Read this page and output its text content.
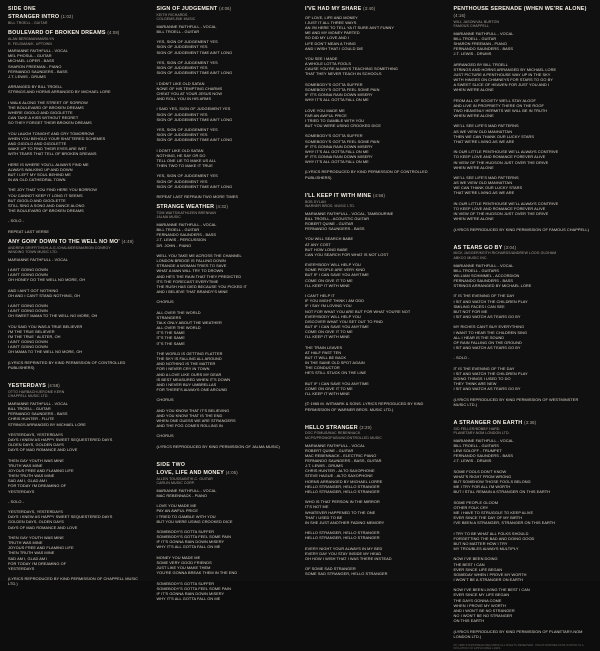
SIDE ONE
STRANGER INTRO (1:02)
BILL TROELL - GUITAR
BOULEVARD OF BROKEN DREAMS (4:08)
ALAN BERGMAN/MARILYN
R. FELDMAN/K. UPTOWN
MARIANNE FAITHFULL - VOCAL
MEL PHOSUL - GUITAR
MICHAEL LOPER - BASS
SHARON FREEMAN - PIANO
FERNANDO SAUNDERS - BASS
J.T. LEWIS - DRUMS

ARRANGED BY BILL TROELL
STRINGS AND HORNS ARRANGED BY MICHAEL LORE

I WALK ALONG THE STREET OF SORROW
THE BOULEVARD OF BROKEN DREAMS
WHERE GIGOLO AND GIGOLETTE
CAN TAKE A KISS WITHOUT REGRET
SO THEY FORGET THEIR BROKEN DREAMS

YOU LAUGH TONIGHT AND CRY TOMORROW
WHEN YOU BEHOLD YOUR SHATTERED SCHEMES
AND GIGOLO AND GIGOLETTE
WAKE UP TO FIND THEIR EYES ARE WET
WITH TEARS THAT TELL OF BROKEN DREAMS

HERE IS WHERE YOU'LL ALWAYS FIND ME
ALWAYS WALKING UP AND DOWN
BUT I LEFT MY SOUL BEHIND ME
IN AN OLD CATHEDRAL TOWN

THE JOY THAT YOU FIND HERE YOU BORROW
YOU CANNOT KEEP IT LONG IT SEEMS
BUT GIGOLO AND GIGOLETTE
STILL SING A SONG AND DANCE ALONG
THE BOULEVARD OF BROKEN DREAMS

- SOLO -

REPEAT LAST VERSE
ANY GOIN' DOWN TO THE WELL NO MO' (4:49)
ANDREW GRIFFITHS/H.A.G./CHALMERS/MARION CONROY
WINDING TOWN MUSIC LTD.
MARIANNE FAITHFULL - VOCAL

I AIN'T GOING DOWN
I AIN'T GOING DOWN
OH HONEY DO THE WELL NO MORE, OH

AND I AIN'T GOT NOTHING
OH AND I CAN'T STAND NOTHING, OH

I AIN'T GOING DOWN
I AIN'T GOING DOWN
OH SWEET MAMA TO THE WELL NO MORE, OH

YOU SAID YOU WAS A TRUE BELIEVER
I'M THE TRUE BELIEVER
I'M THE TRUE ' ALSTER, OH
I AIN'T GOING DOWN
I AIN'T GOING DOWN
OH MAMA TO THE WELL NO MORE, OH

(LYRICS REPRINTED BY KIND PERMISSION OF CONTROLLED PUBLISHERS)
YESTERDAYS (4:58)
OTTO HARBACH/JEROME KERN
CHAPPELL MUSIC LTD.
MARIANNE FAITHFULL - VOCAL
BILL TROELL - GUITAR
FERNANDO SAUNDERS - BASS
CHRIS HUNTER - FLUTE
STRINGS ARRANGED BY MICHAEL LORE

YESTERDAYS, YESTERDAYS
DAYS I KNEW AS HAPPY SWEET SEQUESTERED DAYS
OLDEN DAYS, GOLDEN DAYS
DAYS OF MAD ROMANCE AND LOVE

THEN GAY YOUTH WAS MINE
TRUTH WAS MINE
JOYOUS FREE AND FLAMING LIFE
THEN TRUTH WAS MINE
SAD AM I, GLAD AM I
FOR TODAY I'M DREAMING OF
YESTERDAYS

- SOLO -

YESTERDAYS, YESTERDAYS
DAYS I KNEW AS HAPPY SWEET SEQUESTERED DAYS
GOLDEN DAYS, OLDEN DAYS
DAYS OF MAD ROMANCE AND LOVE

THEN GAY YOUTH WAS MINE
TRUTH WAS MINE
JOYOUS FREE AND FLAMING LIFE
THEN TRUTH WAS MINE
SAD AM I, GLAD AM I
FOR TODAY I'M DREAMING OF
YESTERDAYS

(LYRICS REPRODUCED BY KIND PERMISSION OF CHAPPELL MUSIC LTD.)
SIGN OF JUDGEMENT (4:06)
KEITH RICHARDS
COLGEMS-EMI MUSIC
MARIANNE FAITHFULL - VOCAL
BILL TROELL - GUITAR

YES, SIGN OF JUDGEMENT YES
SIGN OF JUDGEMENT YES
SIGN OF JUDGEMENT TIME AIN'T LONG

YES, SIGN OF JUDGEMENT YES
SIGN OF JUDGEMENT YES
SIGN OF JUDGEMENT TIME AIN'T LONG

I DIDN'T LIKE OLD SATAN
NONE OF HIS TEMPTING CHARMS
CHEAT YOU AT YOUR JESUS NOW
AND ROLL YOU IN HIS ARMS

I SAID YES, SIGN OF JUDGEMENT YES
SIGN OF JUDGEMENT YES
SIGN OF JUDGEMENT TIME AIN'T LONG

YES, SIGN OF JUDGEMENT YES
SIGN OF JUDGEMENT YES
SIGN OF JUDGEMENT TIME AIN'T LONG

I DON'T LIKE OLD SATAN
NOTHING, HE SAY OR DO
TELL ONE LIE TO MAKE US ALL
THEN TWO TO MAKE IT TRUE

YES, SIGN OF JUDGEMENT YES
SIGN OF JUDGEMENT YES
SIGN OF JUDGEMENT TIME AIN'T LONG

REPEAT LAST REFRAIN TWO MORE TIMES
STRANGE WEATHER (4:32)
TOM WAITS/KATHLEEN BRENNAN
JALMA MUSIC
MARIANNE FAITHFULL - VOCAL
BILL TROELL - GUITAR
FERNANDO SAUNDERS - BASS
J.T. LEWIS - PERCUSSION
DR. JOHN - PIANO

WELL YOU TAKE ME ACROSS THE CHANNEL
LONDON BRIDGE IS FALLING DOWN
STRANGE A WOMAN TRIES TO SAVE
WHAT A MAN WILL TRY TO DROWN
AND HE'S THE RAIN THAT THEY PREDICTED
ITS THE FORECAST EVERYTIME
THE RUSH HAS DIED BECAUSE YOU PICKED IT
AND I BELIEVE THAT BRANDY'S MINE

CHORUS

ALL OVER THE WORLD
STRANGERS
TALK ONLY ABOUT THE WEATHER
ALL OVER THE WORLD
IT'S THE SAME
IT'S THE SAME
IT'S THE SAME

THE WORLD IS GETTING FLATTER
THE SKY IS FALLING ALL AROUND
AND NOTHING IS THE MATTER
FOR I NEVER CRY IN TOWN
AND A LOVE LIKE OURS MY DEAR
IS BEST MEASURED WHEN IT'S DOWN
AND I NEVER BUY UMBRELLAS
FOR THERE'S ALWAYS ONE AROUND

CHORUS

AND YOU KNOW THAT IT'S BELIEVING
AND YOU KNOW THAT IS THE END
WHEN ONE GUESS WE ARE STRANGERS
AND THE FOG COMES ROLLING IN

CHORUS

(LYRICS REPRODUCED BY KIND PERMISSION OF JALMA MUSIC)
SIDE TWO
LOVE, LIFE AND MONEY (4:05)
ALLEN TOUSSAINT/K.C. GUITAR
CARLIN MUSIC CORP.
MARIANNE FAITHFULL - VOCAL
MAC REBENNACK - PIANO

LOVE YOU MADE ME
PAY AN AWFUL PRICE
I TRIED TO GAMBLE WITH YOU
BUT YOU WERE USING CROOKED DICE

SOMEBODY'S GOTTA SUFFER
SOMEBODY'S GOTTA FEEL SOME PAIN
IF IT'S GONNA RAIN DOWN MISERY
WHY IT'S ALL GOTTA FALL ON ME

MONEY YOU MADE ME
SOME VERY GOOD FRIENDS
JUST LIKE YOU MAKE THEM
YOU'RE GONNA BREAK THEM IN THE END

SOMEBODY'S GOTTA SUFFER
SOMEBODY'S GOTTA FEEL SOME PAIN
IF IT'S GONNA RAIN DOWN MISERY
WHY IT'S ALL GOTTA FALL ON ME
I'VE HAD MY SHARE (3:40)
OF LOVE, LIFE AND MONEY
I JUST IT ALL THREE WAYS
AN I'M HERE TO TELL YA IT SURE AIN'T FUNNY
ME AND MY MONEY PARTED
SO DID MY LOVE AND I
LIFE DON'T MEAN A THING
AND I WISH THAT I COULD DIE

YOU SEE I MADE
A WHOLE LOTTA FOOLS
CAUSE YOU'RE ALWAYS TEACHING SOMETHING
THAT THEY NEVER TEACH IN SCHOOLS

SOMEBODY'S GOTTA SUFFER
SOMEBODY'S GOTTA FEEL SOME PAIN
IF IT'S GONNA RAIN DOWN MISERY
WHY IT'S ALL GOTTA FALL ON ME

LOVE YOU MADE ME
FAR AN AWFUL PRICE
I TRIED TO GAMBLE WITH YOU
BUT YOU WERE USING CROOKED DICE

SOMEBODY'S GOTTA SUFFER
SOMEBODY'S GOTTA FEEL SOME PAIN
IF IT'S GONNA RAIN DOWN MISERY
WHY IT'S ALL GOTTA FALL ON ME
IF IT'S GONNA RAIN DOWN MISERY
WHY IT'S ALL GOTTA FALL ON ME

(LYRICS REPRODUCED BY KIND PERMISSION OF CONTROLLED PUBLISHERS)
I'LL KEEP IT WITH MINE (4:56)
BOB DYLAN
WARNER BROS. MUSIC LTD.
MARIANNE FAITHFULL - VOCAL, TAMBOURINE
BILL TROELL - ACOUSTIC GUITAR
ROBERT QUINE - GUITAR
FERNANDO SAUNDERS - BASS

YOU WILL SEARCH BABE
AT ANY COST
BUT HOW LONG BABE
CAN YOU SEARCH FOR WHAT IS NOT LOST

EVERYBODY WILL HELP YOU
SOME PEOPLE ARE VERY KIND
BUT IF I CAN SAVE YOU ANYTIME
COME ON GIVE IT TO ME
I'LL KEEP IT WITH MINE

I CAN'T HELP IT
IF YOU MIGHT THINK I AM ODD
IF I SAY I'M LOVING YOU
NOT FOR WHAT YOU ARE BUT FOR WHAT YOU'RE NOT
EVERYBODY WILL HELP YOU
DISCOVER WHAT YOU SET OUT TO FIND
BUT IF I CAN SAVE YOU ANYTIME
COME ON GIVE IT TO ME
I'LL KEEP IT WITH MINE

THE TRAIN LEAVES
AT HALF PAST TEN
BUT IT WILL BE BACK
IN THE SAME OLD SPOT AGAIN
THE CONDUCTOR
HE'S STILL STUCK ON THE LINE

BUT IF I CAN SAVE YOU ANYTIME
COME ON GIVE IT TO ME
I'LL KEEP IT WITH MINE

(© 1965 M. WITMARK & SONS. LYRICS REPRODUCED BY KIND PERMISSION OF WARNER BROS. MUSIC LTD.)
HELLO STRANGER (3:29)
DOC POMUS/MAC REBENNACK
MCPS/PROMOPUB/UNCONTROLLED MUSIC
MARIANNE FAITHFULL - VOCAL
ROBERT QUINE - GUITAR
MAC REBENNACK - ELECTRIC PIANO
FERNANDO SAUNDERS - BASS, GUITAR
J.T. LEWIS - DRUMS
CHRIS HUNTER - ALTO SAXOPHONE
STEVE HAGUE - ALTO SAXOPHONE
HORNS ARRANGED BY MICHAEL LORRE
HELLO STRANGER, HELLO STRANGER
HELLO STRANGER, HELLO STRANGER

WHO IS THAT PERSON IN THE MIRROR
IT'S NOT ME
WHATEVER HAPPENED TO THE ONE
THAT I USED TO BE
IN SHE JUST ANOTHER FADING MEMORY

HELLO STRANGER, HELLO STRANGER
HELLO STRANGER, HELLO STRANGER

EVERY NIGHT YOUR ALWAYS IN MY BED
EVERY DAY YOU STAY INSIDE MY HEAD
OH HOW I WISH THAT I WAS THERE INSTEAD

OF SOME SAD STRANGER
SOME SAD STRANGER, HELLO STRANGER
PENTHOUSE SERENADE (WHEN WE'RE ALONE) (4:16)
WILL JASON/VAL BURTON
FAMOUS CHAPPELL
MARIANNE FAITHFULL - VOCAL
BILL TROELL - GUITAR
SHARON FREEMAN - PIANO
FERNANDO SAUNDERS - BASS
J.T. LEWIS - DRUMS

ARRANGED BY BILL TROELL
STRINGS AND HORNS ARRANGED BY MICHAEL LORE
JUST PICTURE A PENTHOUSE WAY UP IN THE SKY
WITH HINGES ON CHIMNEYS FOR STARS TO GO BY
A SWEET SLICE OF HEAVEN FOR JUST YOU AND I
WHEN WE'RE ALONE

FROM ALL OF SOCIETY WE'LL STAY ALOOF
AND LIVE IN PROPRIETY THERE ON THE ROOF
TWO HEAVENLY HERMITS WE WILL BE IN TRUTH
WHEN WE'RE ALONE

WE'LL SEE LIFE'S MAD PATTERNS
AS WE VIEW OLD MANHATTAN
THEN WE CAN THANK OUR LUCKY STARS
THAT WE'RE LIVING AS WE ARE

IN OUR LITTLE PENTHOUSE WE'LL ALWAYS CONTRIVE
TO KEEP LOVE AND ROMANCE FOREVER ALIVE
IN VIEW OF THE HUDSON JUST OVER THE DRIVE
WHEN WE'RE ALONE

WE'LL SEE LIFE'S MAD PATTERNS
AS WE VIEW OLD MANHATTAN
WE CAN THANK OUR LUCKY STARS
THAT WE'RE LIVING AS WE ARE

IN OUR LITTLE PENTHOUSE WE'LL ALWAYS CONTRIVE
TO KEEP LOVE AND ROMANCE FOREVER ALIVE
IN VIEW OF THE HUDSON JUST OVER THE DRIVE
WHEN WE'RE ALONE

(LYRICS REPRODUCED BY KIND PERMISSION OF FAMOUS CHAPPELL)
AS TEARS GO BY (3:04)
MICK JAGGER/KEITH RICHARDS/ANDREW LOOG OLDHAM
ABKCO MUSIC INC.
MARIANNE FAITHFULL - VOCAL
BILL TROELL - GUITARS
WILLIAM SCHIMMEL - ACCORDION
FERNANDO SAUNDERS - BASS
STRINGS ARRANGED BY MICHAEL LORE

IT IS THE EVENING OF THE DAY
I SIT AND WATCH THE CHILDREN PLAY
SMILING FACES I CAN SEE
BUT NOT FOR ME
I SIT AND WATCH AS TEARS GO BY

MY RICHES CAN'T BUY EVERYTHING
I WANT TO HEAR THE CHILDREN SING
ALL I HEAR IS THE SOUND
OF RAIN FALLING ON THE GROUND
I SIT AND WATCH AS TEARS GO BY

- SOLO -

IT IS THE EVENING OF THE DAY
I SIT AND WATCH THE CHILDREN PLAY
DOING THINGS I USED TO DO
THEY THINK ARE NEW
I SIT AND WATCH AS TEARS GO BY

(LYRICS REPRODUCED BY KIND PERMISSION OF WESTMINSTER MUSIC LTD.)
A STRANGER ON EARTH (3:38)
SID FELLER/BOBBY HARD
PLANETARY-NOM LONDON LTD.
MARIANNE FAITHFULL - VOCAL
BILL TROELL - GUITARS
LEW SOLOFF - TRUMPET
FERNANDO SAUNDERS - BASS
J.T. LEWIS - DRUMS

SOME FOOLS DON'T KNOW
WHAT'S RIGHT FROM WRONG
BUT SOMEHOW THOSE FOOLS BELONG
ME I TRY FOR ALL I'M WORTH
BUT I STILL REMAIN A STRANGER ON THIS EARTH

SOME PEOPLE GLOOM
OTHER FOLK CRY
ME I HAVE TO STRUGGLE TO KEEP ALIVE
EVER SINCE THE DAY OF MY BIRTH
I'VE BEEN A STRANGER, STRANGER ON THIS EARTH

I TRY TO BE WHAT ALL FOLKS SHOULD
FORGETTING THE BAD AND DOING GOOD
BUT NO MATTER HOW I TRY
MY TROUBLES ALWAYS MULTIPLY

NOW I'VE BEEN DOING
THE BEST I CAN
EVER SINCE LIFE BEGAN
SOMEDAY WHEN I PROVE MY WORTH
I WON'T BE A STRANGER ON EARTH

NOW I'VE BEEN LIVING THE BEST I CAN
EVER SINCE MY LIFE BEGAN
THE DAYS GONNA COME
WHEN I PROVE MY WORTH
AND I WON'T BE NO STRANGER
NO I WON'T BE NO STRANGER
ON THIS EARTH

(LYRICS REPRODUCED BY KIND PERMISSION OF PLANETARY-NOM LONDON LTD.)
(P) 1989 STARSTREAM RECORDS ALL RIGHTS RESERVED. UNAUTHORISED DUPLICATION IS A VIOLATION OF APPLICABLE LAWS.
